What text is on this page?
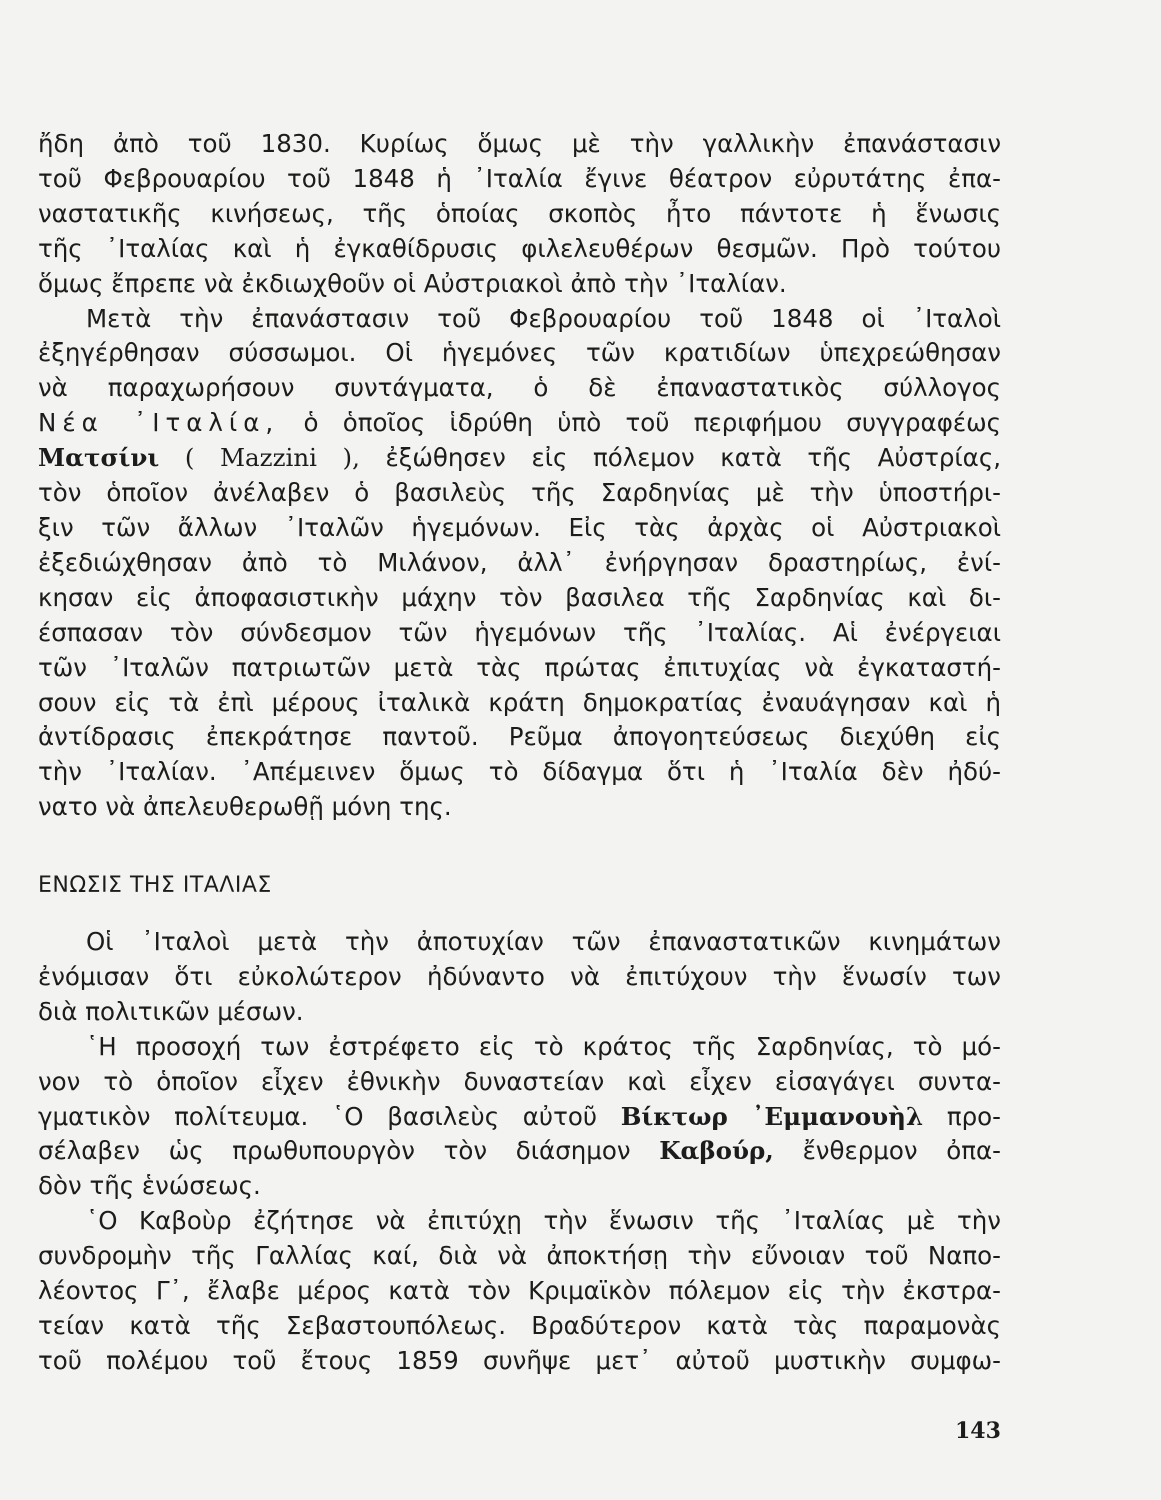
ἤδη ἀπὸ τοῦ 1830. Κυρίως ὅμως μὲ τὴν γαλλικὴν ἐπανάστασιν
τοῦ Φεβρουαρίου τοῦ 1848 ἡ ᾿Ιταλία ἔγινε θέατρον εὐρυτάτης ἐπα-
ναστατικῆς κινήσεως, τῆς ὁποίας σκοπὸς ἦτο πάντοτε ἡ ἕνωσις
τῆς ᾿Ιταλίας καὶ ἡ ἐγκαθίδρυσις φιλελευθέρων θεσμῶν. Πρὸ τούτου
ὅμως ἔπρεπε νὰ ἐκδιωχθοῦν οἱ Αὐστριακοὶ ἀπὸ τὴν ᾿Ιταλίαν.
Μετὰ τὴν ἐπανάστασιν τοῦ Φεβρουαρίου τοῦ 1848 οἱ ᾿Ιταλοὶ
ἐξηγέρθησαν σύσσωμοι. Οἱ ἡγεμόνες τῶν κρατιδίων ὑπεχρεώθησαν
νὰ παραχωρήσουν συντάγματα, ὁ δὲ ἐπαναστατικὸς σύλλογος
Νέα ᾿Ιταλία, ὁ ὁποῖος ἱδρύθη ὑπὸ τοῦ περιφήμου συγγραφέως
Ματσίνι ( Mazzini ), ἐξώθησεν εἰς πόλεμον κατὰ τῆς Αὐστρίας,
τὸν ὁποῖον ἀνέλαβεν ὁ βασιλεὺς τῆς Σαρδηνίας μὲ τὴν ὑποστήρι-
ξιν τῶν ἄλλων ᾿Ιταλῶν ἡγεμόνων. Εἰς τὰς ἀρχὰς οἱ Αὐστριακοὶ
ἐξεδιώχθησαν ἀπὸ τὸ Μιλάνον, ἀλλ᾿ ἐνήργησαν δραστηρίως, ἐνί-
κησαν εἰς ἀποφασιστικὴν μάχην τὸν βασιλεα τῆς Σαρδηνίας καὶ δι-
έσπασαν τὸν σύνδεσμον τῶν ἡγεμόνων τῆς ᾿Ιταλίας. Αἱ ἐνέργειαι
τῶν ᾿Ιταλῶν πατριωτῶν μετὰ τὰς πρώτας ἐπιτυχίας νὰ ἐγκαταστή-
σουν εἰς τὰ ἐπὶ μέρους ἰταλικὰ κράτη δημοκρατίας ἐναυάγησαν καὶ ἡ
ἀντίδρασις ἐπεκράτησε παντοῦ. Ρεῦμα ἀπογοητεύσεως διεχύθη εἰς
τὴν ᾿Ιταλίαν. ᾿Απέμεινεν ὅμως τὸ δίδαγμα ὅτι ἡ ᾿Ιταλία δὲν ἠδύ-
νατο νὰ ἀπελευθερωθῇ μόνη της.
ΕΝΩΣΙΣ ΤΗΣ ΙΤΑΛΙΑΣ
Οἱ ᾿Ιταλοὶ μετὰ τὴν ἀποτυχίαν τῶν ἐπαναστατικῶν κινημάτων
ἐνόμισαν ὅτι εὐκολώτερον ἠδύναντο νὰ ἐπιτύχουν τὴν ἕνωσίν των
διὰ πολιτικῶν μέσων.
῾Η προσοχή των ἐστρέφετο εἰς τὸ κράτος τῆς Σαρδηνίας, τὸ μό-
νον τὸ ὁποῖον εἶχεν ἐθνικὴν δυναστείαν καὶ εἶχεν εἰσαγάγει συντα-
γματικὸν πολίτευμα. ῾Ο βασιλεὺς αὐτοῦ Βίκτωρ ᾿Εμμανουὴλ προ-
σέλαβεν ὡς πρωθυπουργὸν τὸν διάσημον Καβούρ, ἔνθερμον ὀπα-
δὸν τῆς ἑνώσεως.
῾Ο Καβοὺρ ἐζήτησε νὰ ἐπιτύχῃ τὴν ἕνωσιν τῆς ᾿Ιταλίας μὲ τὴν
συνδρομὴν τῆς Γαλλίας καί, διὰ νὰ ἀποκτήσῃ τὴν εὔνοιαν τοῦ Ναπο-
λέοντος Γ᾿, ἔλαβε μέρος κατὰ τὸν Κριμαϊκὸν πόλεμον εἰς τὴν ἐκστρα-
τείαν κατὰ τῆς Σεβαστουπόλεως. Βραδύτερον κατὰ τὰς παραμονὰς
τοῦ πολέμου τοῦ ἔτους 1859 συνῆψε μετ᾿ αὐτοῦ μυστικὴν συμφω-
143
